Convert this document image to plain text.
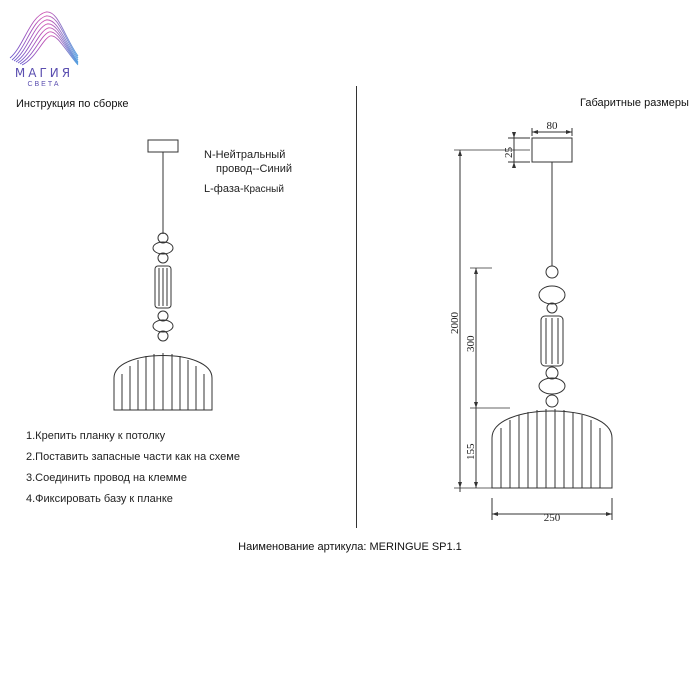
МАГИЯ
СВЕТА
Инструкция по сборке
N-Нейтральный
провод--Синий
L-фаза-Красный
1.Крепить планку к потолку
2.Поставить запасные части как на схеме
3.Соединить провод на клемме
4.Фиксировать базу к планке
Габаритные размеры
80
25
2000
300
155
250
Наименование артикула: MERINGUE SP1.1
